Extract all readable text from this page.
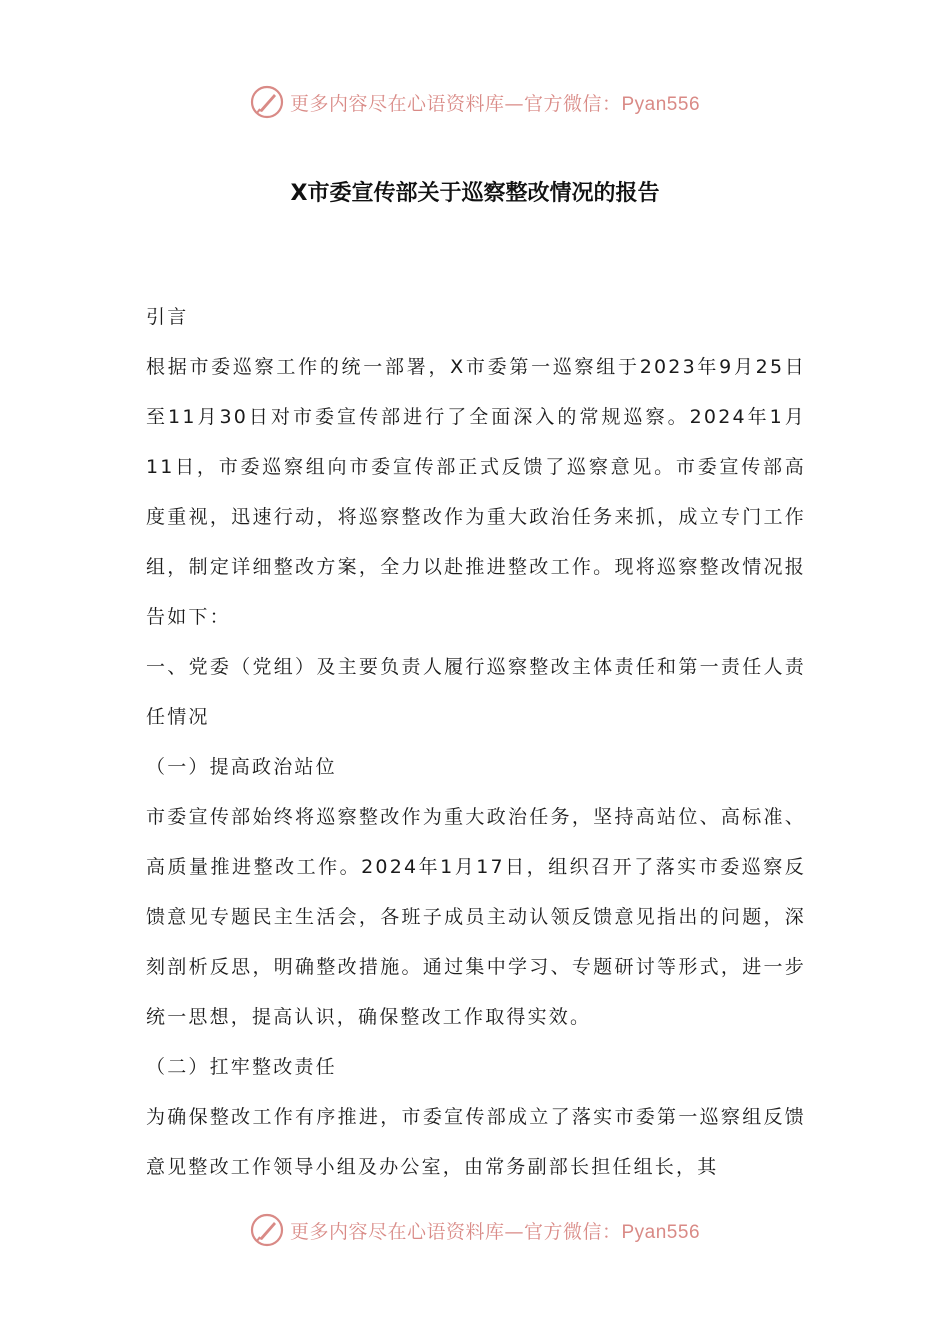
更多内容尽在心语资料库—官方微信：Pyan556
X市委宣传部关于巡察整改情况的报告

引言

根据市委巡察工作的统一部署，X市委第一巡察组于2023年9月25日至11月30日对市委宣传部进行了全面深入的常规巡察。2024年1月11日，市委巡察组向市委宣传部正式反馈了巡察意见。市委宣传部高度重视，迅速行动，将巡察整改作为重大政治任务来抓，成立专门工作组，制定详细整改方案，全力以赴推进整改工作。现将巡察整改情况报告如下：

一、党委（党组）及主要负责人履行巡察整改主体责任和第一责任人责任情况

（一）提高政治站位

市委宣传部始终将巡察整改作为重大政治任务，坚持高站位、高标准、高质量推进整改工作。2024年1月17日，组织召开了落实市委巡察反馈意见专题民主生活会，各班子成员主动认领反馈意见指出的问题，深刻剖析反思，明确整改措施。通过集中学习、专题研讨等形式，进一步统一思想，提高认识，确保整改工作取得实效。

（二）扛牢整改责任

为确保整改工作有序推进，市委宣传部成立了落实市委第一巡察组反馈意见整改工作领导小组及办公室，由常务副部长担任组长，其

更多内容尽在心语资料库—官方微信：Pyan556
